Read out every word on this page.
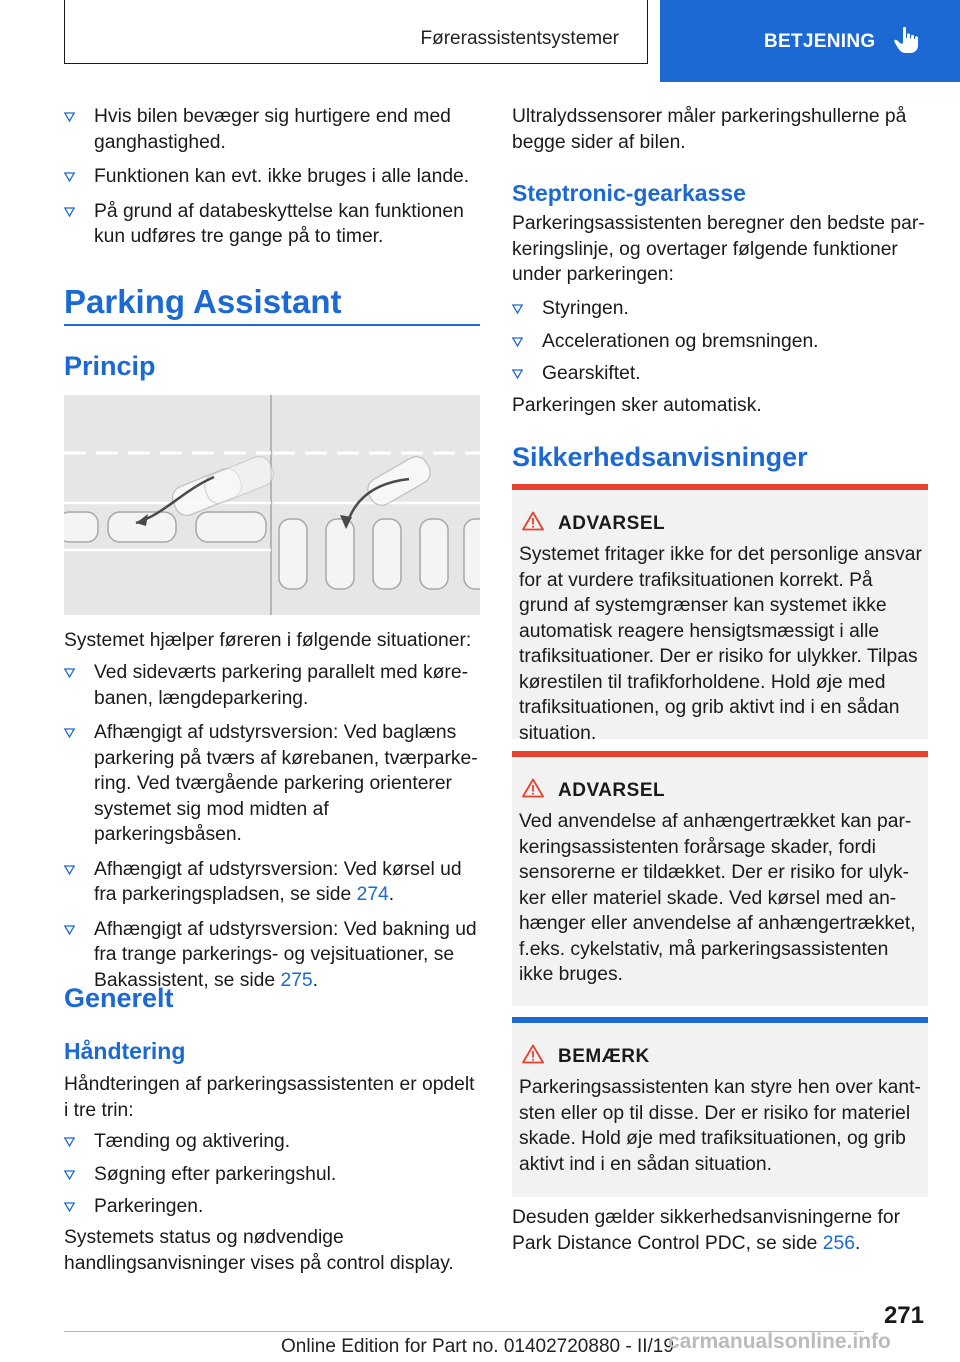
Førerassistentsystemer	BETJENING
Hvis bilen bevæger sig hurtigere end med ganghastighed.
Funktionen kan evt. ikke bruges i alle lande.
På grund af databeskyttelse kan funktionen kun udføres tre gange på to timer.
Parking Assistant
Princip
Systemet hjælper føreren i følgende situationer:
Ved sideværts parkering parallelt med kørebanen, længdeparkering.
Afhængigt af udstyrsversion: Ved baglæns parkering på tværs af kørebanen, tværparkering. Ved tværgående parkering orienterer systemet sig mod midten af parkeringsbåsen.
Afhængigt af udstyrsversion: Ved kørsel ud fra parkeringspladsen, se side 274.
Afhængigt af udstyrsversion: Ved bakning ud fra trange parkerings- og vejsituationer, se Bakassistent, se side 275.
Generelt
Håndtering
Håndteringen af parkeringsassistenten er opdelt i tre trin:
Tænding og aktivering.
Søgning efter parkeringshul.
Parkeringen.
Systemets status og nødvendige handlingsanvisninger vises på control display.
Ultralydssensorer måler parkeringshullerne på begge sider af bilen.
Steptronic-gearkasse
Parkeringsassistenten beregner den bedste parkeringslinje, og overtager følgende funktioner under parkeringen:
Styringen.
Accelerationen og bremsningen.
Gearskiftet.
Parkeringen sker automatisk.
Sikkerhedsanvisninger
ADVARSEL
Systemet fritager ikke for det personlige ansvar for at vurdere trafiksituationen korrekt. På grund af systemgrænser kan systemet ikke automatisk reagere hensigtsmæssigt i alle trafiksituationer. Der er risiko for ulykker. Tilpas kørestilen til trafikforholdene. Hold øje med trafiksituationen, og grib aktivt ind i en sådan situation.
ADVARSEL
Ved anvendelse af anhængertrækket kan parkeringsassistenten forårsage skader, fordi sensorerne er tildækket. Der er risiko for ulykker eller materiel skade. Ved kørsel med anhænger eller anvendelse af anhængertrækket, f.eks. cykelstativ, må parkeringsassistenten ikke bruges.
BEMÆRK
Parkeringsassistenten kan styre hen over kantsten eller op til disse. Der er risiko for materiel skade. Hold øje med trafiksituationen, og grib aktivt ind i en sådan situation.
Desuden gælder sikkerhedsanvisningerne for Park Distance Control PDC, se side 256.
271
Online Edition for Part no. 01402720880 - II/19
carmanualsonline.info
